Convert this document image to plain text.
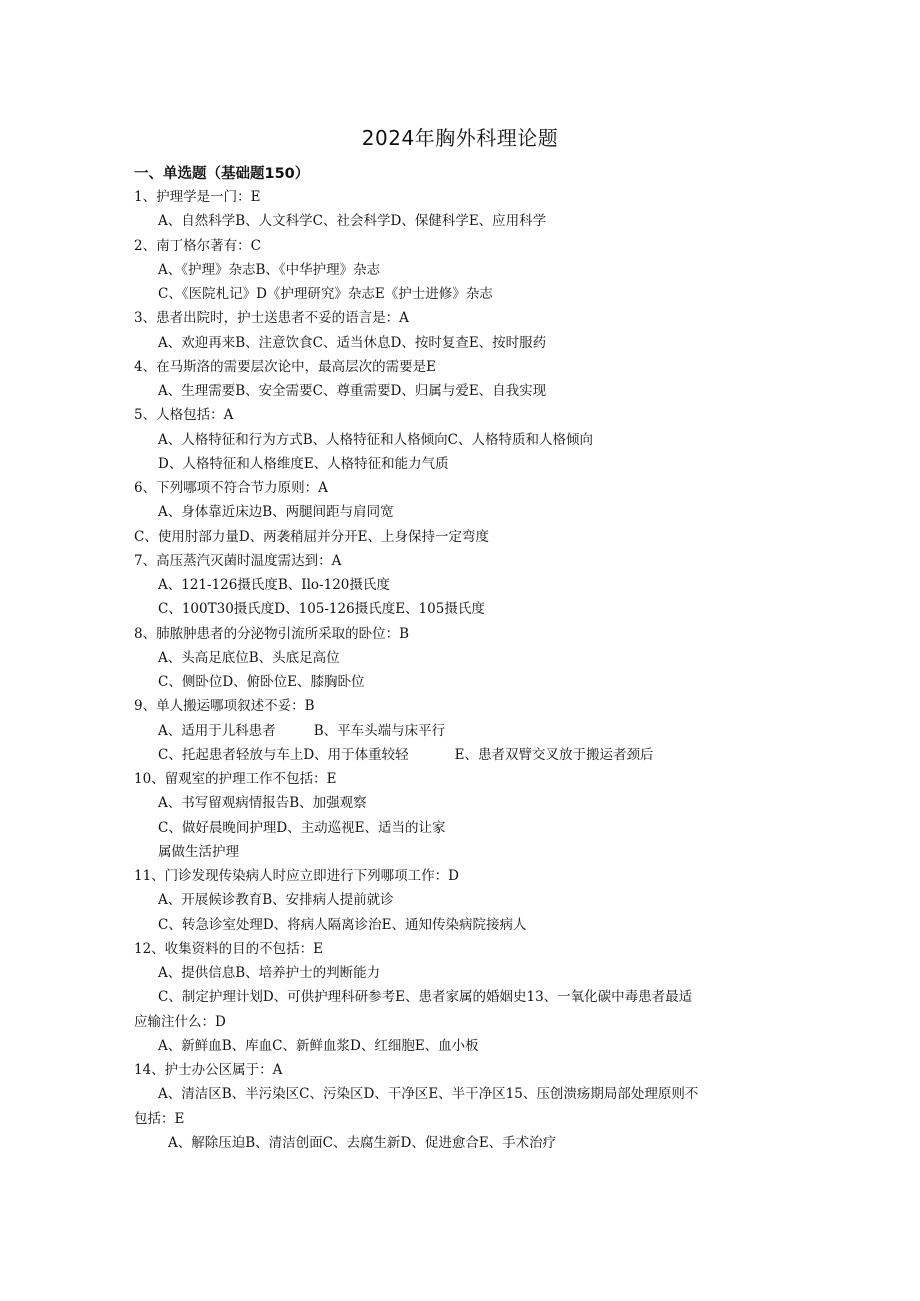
2024年胸外科理论题
一、单选题（基础题150）
1、护理学是一门：E
A、自然科学B、人文科学C、社会科学D、保健科学E、应用科学
2、南丁格尔著有：C
A、《护理》杂志B、《中华护理》杂志
C、《医院札记》D《护理研究》杂志E《护士进修》杂志
3、患者出院时，护士送患者不妥的语言是：A
A、欢迎再来B、注意饮食C、适当休息D、按时复查E、按时服药
4、在马斯洛的需要层次论中，最高层次的需要是E
A、生理需要B、安全需要C、尊重需要D、归属与爱E、自我实现
5、人格包括：A
A、人格特征和行为方式B、人格特征和人格倾向C、人格特质和人格倾向
D、人格特征和人格维度E、人格特征和能力气质
6、下列哪项不符合节力原则：A
A、身体靠近床边B、两腿间距与肩同宽
C、使用肘部力量D、两袭稍屈并分开E、上身保持一定弯度
7、高压蒸汽灭菌时温度需达到：A
A、121-126摄氏度B、Ilo-120摄氏度
C、100T30摄氏度D、105-126摄氏度E、105摄氏度
8、肺脓肿患者的分泌物引流所采取的卧位：B
A、头高足底位B、头底足高位
C、侧卧位D、俯卧位E、膝胸卧位
9、单人搬运哪项叙述不妥：B
A、适用于儿科患者	B、平车头端与床平行
C、托起患者轻放与车上D、用于体重较轻	E、患者双臂交叉放于搬运者颈后
10、留观室的护理工作不包括：E
A、书写留观病情报告B、加强观察
C、做好晨晚间护理D、主动巡视E、适当的让家
属做生活护理
11、门诊发现传染病人时应立即进行下列哪项工作：D
A、开展候诊教育B、安排病人提前就诊
C、转急诊室处理D、将病人隔离诊治E、通知传染病院接病人
12、收集资料的目的不包括：E
A、提供信息B、培养护士的判断能力
C、制定护理计划D、可供护理科研参考E、患者家属的婚姻史13、一氧化碳中毒患者最适
应输注什么：D
A、新鲜血B、库血C、新鲜血浆D、红细胞E、血小板
14、护士办公区属于：A
A、清洁区B、半污染区C、污染区D、干净区E、半干净区15、压创溃疡期局部处理原则不
包括：E
A、解除压迫B、清洁创面C、去腐生新D、促进愈合E、手术治疗
